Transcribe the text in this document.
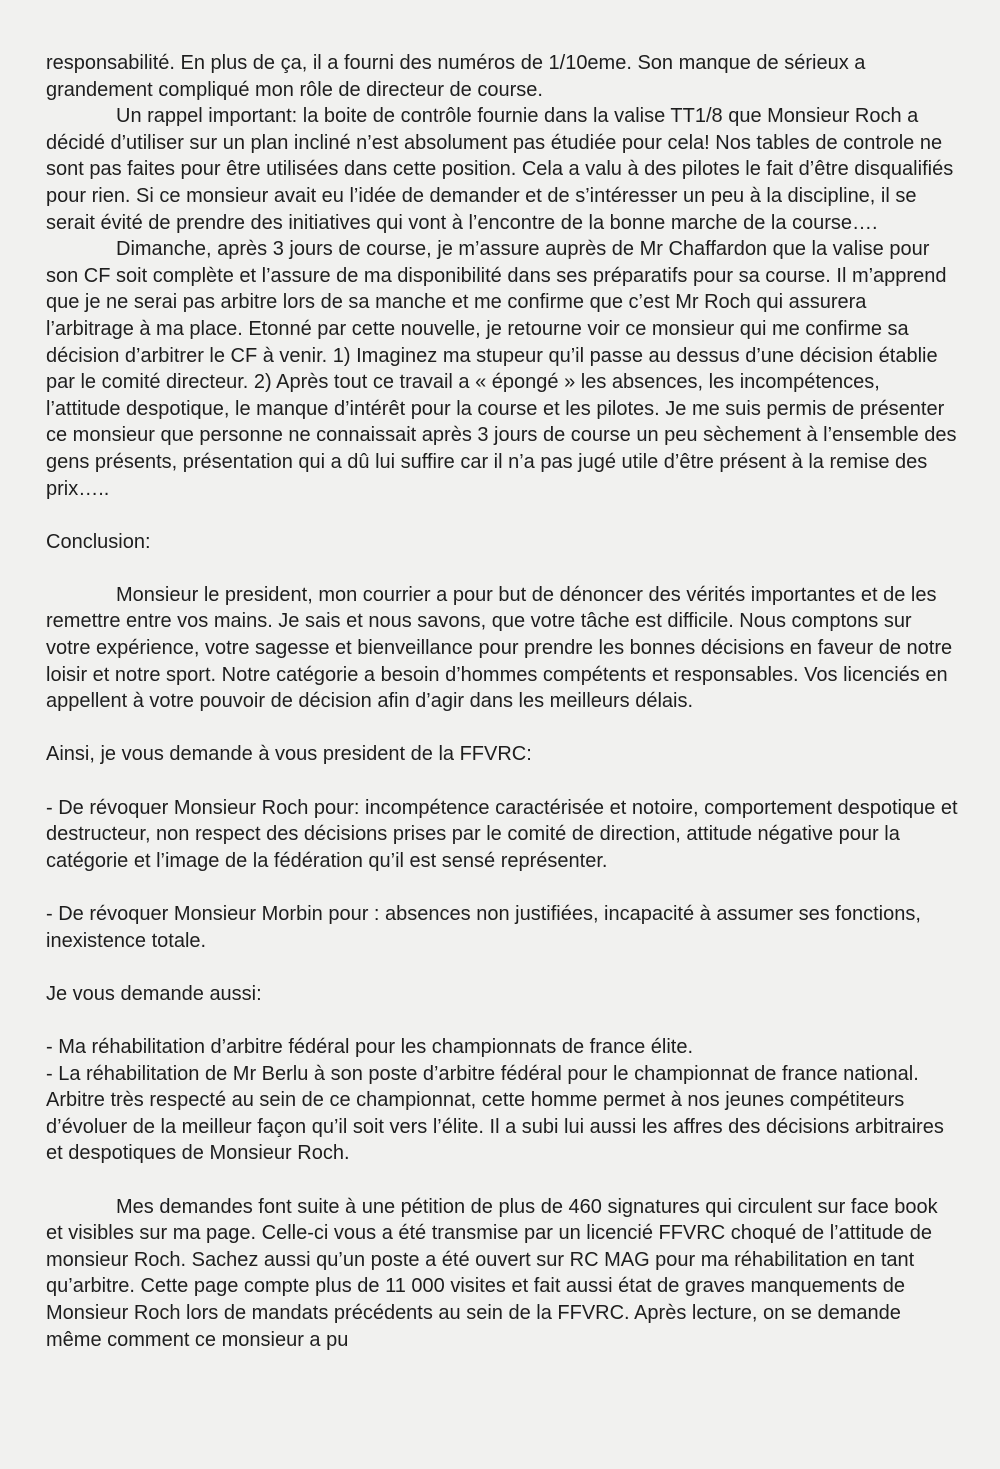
responsabilité. En plus de ça, il a fourni des numéros de 1/10eme. Son manque de sérieux a grandement compliqué mon rôle de directeur de course.

Un rappel important: la boite de contrôle fournie dans la valise TT1/8 que Monsieur Roch a décidé d’utiliser sur un plan incliné n’est absolument pas étudiée pour cela! Nos tables de controle ne sont pas faites pour être utilisées dans cette position. Cela a valu à des pilotes le fait d’être disqualifiés pour rien. Si ce monsieur avait eu l’idée de demander et de s’intéresser un peu à la discipline, il se serait évité de prendre des initiatives qui vont à l’encontre de la bonne marche de la course….

Dimanche, après 3 jours de course, je m’assure auprès de Mr Chaffardon que la valise pour son CF soit complète et l’assure de ma disponibilité dans ses préparatifs pour sa course. Il m’apprend que je ne serai pas arbitre lors de sa manche et me confirme que c’est Mr Roch qui assurera l’arbitrage à ma place. Etonné par cette nouvelle, je retourne voir ce monsieur qui me confirme sa décision d’arbitrer le CF à venir. 1) Imaginez ma stupeur qu’il passe au dessus d’une décision établie par le comité directeur. 2) Après tout ce travail a « épongé » les absences, les incompétences, l’attitude despotique, le manque d’intérêt pour la course et les pilotes. Je me suis permis de présenter ce monsieur que personne ne connaissait après 3 jours de course un peu sèchement à l’ensemble des gens présents, présentation qui a dû lui suffire car il n’a pas jugé utile d’être présent à la remise des prix…..

Conclusion:

Monsieur le president, mon courrier a pour but de dénoncer des vérités importantes et de les remettre entre vos mains. Je sais et nous savons, que votre tâche est difficile. Nous comptons sur votre expérience, votre sagesse et bienveillance pour prendre les bonnes décisions en faveur de notre loisir et notre sport. Notre catégorie a besoin d’hommes compétents et responsables. Vos licenciés en appellent à votre pouvoir de décision afin d’agir dans les meilleurs délais.

Ainsi, je vous demande à vous president de la FFVRC:

- De révoquer Monsieur Roch pour: incompétence caractérisée et notoire, comportement despotique et destructeur, non respect des décisions prises par le comité de direction, attitude négative pour la catégorie et l’image de la fédération qu’il est sensé représenter.

- De révoquer Monsieur Morbin pour : absences non justifiées, incapacité à assumer ses fonctions, inexistence totale.

Je vous demande aussi:

- Ma réhabilitation d’arbitre fédéral pour les championnats de france élite.

- La réhabilitation de Mr Berlu à son poste d’arbitre fédéral pour le championnat de france national. Arbitre très respecté au sein de ce championnat, cette homme permet à nos jeunes compétiteurs d’évoluer de la meilleur façon qu’il soit vers l’élite. Il a subi lui aussi les affres des décisions arbitraires et despotiques de Monsieur Roch.

Mes demandes font suite à une pétition de plus de 460 signatures qui circulent sur face book et visibles sur ma page. Celle-ci vous a été transmise par un licencié FFVRC choqué de l’attitude de monsieur Roch. Sachez aussi qu’un poste a été ouvert sur RC MAG pour ma réhabilitation en tant qu’arbitre. Cette page compte plus de 11 000 visites et fait aussi état de graves manquements de Monsieur Roch lors de mandats précédents au sein de la FFVRC. Après lecture, on se demande même comment ce monsieur a pu
